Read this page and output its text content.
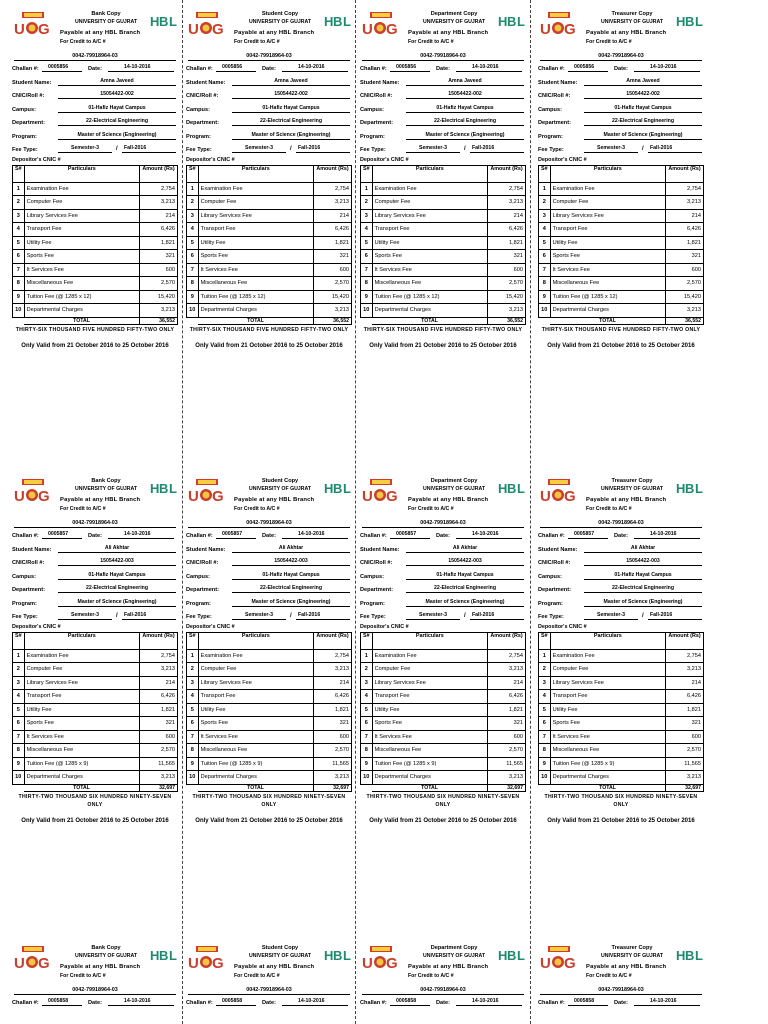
U G
Bank Copy
UNIVERSITY OF GUJRAT H B L
Payable at any HBL Branch
For Credit to A/C #
0042-79918964-03
Challan #:	0005856	Date:	14-10-2016
Student Name:	Amna Javeed
CNIC/Roll #:	15054422-002
Campus:	01-Hafiz Hayat Campus
Department:	22-Electrical Engineering
Program:	Master of Science (Engineering)
Fee Type:	Semester-3	/	Fall-2016
Depositor's CNIC #
S#	Particulars	Amount (Rs)
1	Examination Fee	2,754
2	Computer Fee	3,213
3	Library Services Fee	214
4	Transport Fee	6,426
5	Utility Fee	1,821
6	Sports Fee	321
7	It Services Fee	600
8	Miscellaneous Fee	2,570
9	Tuition Fee (@ 1285 x 12)	15,420
10	Departmental Charges	3,213
	TOTAL	36,552
THIRTY-SIX THOUSAND FIVE HUNDRED FIFTY-TWO ONLY
Only Valid from 21 October 2016 to 25 October 2016
U G
Student Copy
UNIVERSITY OF GUJRAT H B L
Payable at any HBL Branch
For Credit to A/C #
0042-79918964-03
Challan #:	0005856	Date:	14-10-2016
Student Name:	Amna Javeed
CNIC/Roll #:	15054422-002
Campus:	01-Hafiz Hayat Campus
Department:	22-Electrical Engineering
Program:	Master of Science (Engineering)
Fee Type:	Semester-3	/	Fall-2016
Depositor's CNIC #
S#	Particulars	Amount (Rs)
1	Examination Fee	2,754
2	Computer Fee	3,213
3	Library Services Fee	214
4	Transport Fee	6,426
5	Utility Fee	1,821
6	Sports Fee	321
7	It Services Fee	600
8	Miscellaneous Fee	2,570
9	Tuition Fee (@ 1285 x 12)	15,420
10	Departmental Charges	3,213
	TOTAL	36,552
THIRTY-SIX THOUSAND FIVE HUNDRED FIFTY-TWO ONLY
Only Valid from 21 October 2016 to 25 October 2016
U G
Department Copy
UNIVERSITY OF GUJRAT H B L
Payable at any HBL Branch
For Credit to A/C #
0042-79918964-03
Challan #:	0005856	Date:	14-10-2016
Student Name:	Amna Javeed
CNIC/Roll #:	15054422-002
Campus:	01-Hafiz Hayat Campus
Department:	22-Electrical Engineering
Program:	Master of Science (Engineering)
Fee Type:	Semester-3	/	Fall-2016
Depositor's CNIC #
S#	Particulars	Amount (Rs)
1	Examination Fee	2,754
2	Computer Fee	3,213
3	Library Services Fee	214
4	Transport Fee	6,426
5	Utility Fee	1,821
6	Sports Fee	321
7	It Services Fee	600
8	Miscellaneous Fee	2,570
9	Tuition Fee (@ 1285 x 12)	15,420
10	Departmental Charges	3,213
	TOTAL	36,552
THIRTY-SIX THOUSAND FIVE HUNDRED FIFTY-TWO ONLY
Only Valid from 21 October 2016 to 25 October 2016
U G
Treasurer Copy
UNIVERSITY OF GUJRAT H B L
Payable at any HBL Branch
For Credit to A/C #
0042-79918964-03
Challan #:	0005856	Date:	14-10-2016
Student Name:	Amna Javeed
CNIC/Roll #:	15054422-002
Campus:	01-Hafiz Hayat Campus
Department:	22-Electrical Engineering
Program:	Master of Science (Engineering)
Fee Type:	Semester-3	/	Fall-2016
Depositor's CNIC #
S#	Particulars	Amount (Rs)
1	Examination Fee	2,754
2	Computer Fee	3,213
3	Library Services Fee	214
4	Transport Fee	6,426
5	Utility Fee	1,821
6	Sports Fee	321
7	It Services Fee	600
8	Miscellaneous Fee	2,570
9	Tuition Fee (@ 1285 x 12)	15,420
10	Departmental Charges	3,213
	TOTAL	36,552
THIRTY-SIX THOUSAND FIVE HUNDRED FIFTY-TWO ONLY
Only Valid from 21 October 2016 to 25 October 2016
U G
Bank Copy
UNIVERSITY OF GUJRAT H B L
Payable at any HBL Branch
For Credit to A/C #
0042-79918964-03
Challan #:	0005857	Date:	14-10-2016
Student Name:	Ali Akhtar
CNIC/Roll #:	15054422-003
Campus:	01-Hafiz Hayat Campus
Department:	22-Electrical Engineering
Program:	Master of Science (Engineering)
Fee Type:	Semester-3	/	Fall-2016
Depositor's CNIC #
S#	Particulars	Amount (Rs)
1	Examination Fee	2,754
2	Computer Fee	3,213
3	Library Services Fee	214
4	Transport Fee	6,426
5	Utility Fee	1,821
6	Sports Fee	321
7	It Services Fee	600
8	Miscellaneous Fee	2,570
9	Tuition Fee (@ 1285 x 9)	11,565
10	Departmental Charges	3,213
	TOTAL	32,697
THIRTY-TWO THOUSAND SIX HUNDRED NINETY-SEVEN ONLY
Only Valid from 21 October 2016 to 25 October 2016
U G
Student Copy
UNIVERSITY OF GUJRAT H B L
Payable at any HBL Branch
For Credit to A/C #
0042-79918964-03
Challan #:	0005857	Date:	14-10-2016
Student Name:	Ali Akhtar
CNIC/Roll #:	15054422-003
Campus:	01-Hafiz Hayat Campus
Department:	22-Electrical Engineering
Program:	Master of Science (Engineering)
Fee Type:	Semester-3	/	Fall-2016
Depositor's CNIC #
S#	Particulars	Amount (Rs)
1	Examination Fee	2,754
2	Computer Fee	3,213
3	Library Services Fee	214
4	Transport Fee	6,426
5	Utility Fee	1,821
6	Sports Fee	321
7	It Services Fee	600
8	Miscellaneous Fee	2,570
9	Tuition Fee (@ 1285 x 9)	11,565
10	Departmental Charges	3,213
	TOTAL	32,697
THIRTY-TWO THOUSAND SIX HUNDRED NINETY-SEVEN ONLY
Only Valid from 21 October 2016 to 25 October 2016
U G
Department Copy
UNIVERSITY OF GUJRAT H B L
Payable at any HBL Branch
For Credit to A/C #
0042-79918964-03
Challan #:	0005857	Date:	14-10-2016
Student Name:	Ali Akhtar
CNIC/Roll #:	15054422-003
Campus:	01-Hafiz Hayat Campus
Department:	22-Electrical Engineering
Program:	Master of Science (Engineering)
Fee Type:	Semester-3	/	Fall-2016
Depositor's CNIC #
S#	Particulars	Amount (Rs)
1	Examination Fee	2,754
2	Computer Fee	3,213
3	Library Services Fee	214
4	Transport Fee	6,426
5	Utility Fee	1,821
6	Sports Fee	321
7	It Services Fee	600
8	Miscellaneous Fee	2,570
9	Tuition Fee (@ 1285 x 9)	11,565
10	Departmental Charges	3,213
	TOTAL	32,697
THIRTY-TWO THOUSAND SIX HUNDRED NINETY-SEVEN ONLY
Only Valid from 21 October 2016 to 25 October 2016
U G
Treasurer Copy
UNIVERSITY OF GUJRAT H B L
Payable at any HBL Branch
For Credit to A/C #
0042-79918964-03
Challan #:	0005857	Date:	14-10-2016
Student Name:	Ali Akhtar
CNIC/Roll #:	15054422-003
Campus:	01-Hafiz Hayat Campus
Department:	22-Electrical Engineering
Program:	Master of Science (Engineering)
Fee Type:	Semester-3	/	Fall-2016
Depositor's CNIC #
S#	Particulars	Amount (Rs)
1	Examination Fee	2,754
2	Computer Fee	3,213
3	Library Services Fee	214
4	Transport Fee	6,426
5	Utility Fee	1,821
6	Sports Fee	321
7	It Services Fee	600
8	Miscellaneous Fee	2,570
9	Tuition Fee (@ 1285 x 9)	11,565
10	Departmental Charges	3,213
	TOTAL	32,697
THIRTY-TWO THOUSAND SIX HUNDRED NINETY-SEVEN ONLY
Only Valid from 21 October 2016 to 25 October 2016
U G
Bank Copy
UNIVERSITY OF GUJRAT H B L
Payable at any HBL Branch
For Credit to A/C #
0042-79918964-03
Challan #:	0005858	Date:	14-10-2016
U G
Student Copy
UNIVERSITY OF GUJRAT H B L
Payable at any HBL Branch
For Credit to A/C #
0042-79918964-03
Challan #:	0005858	Date:	14-10-2016
U G
Department Copy
UNIVERSITY OF GUJRAT H B L
Payable at any HBL Branch
For Credit to A/C #
0042-79918964-03
Challan #:	0005858	Date:	14-10-2016
U G
Treasurer Copy
UNIVERSITY OF GUJRAT H B L
Payable at any HBL Branch
For Credit to A/C #
0042-79918964-03
Challan #:	0005858	Date:	14-10-2016
